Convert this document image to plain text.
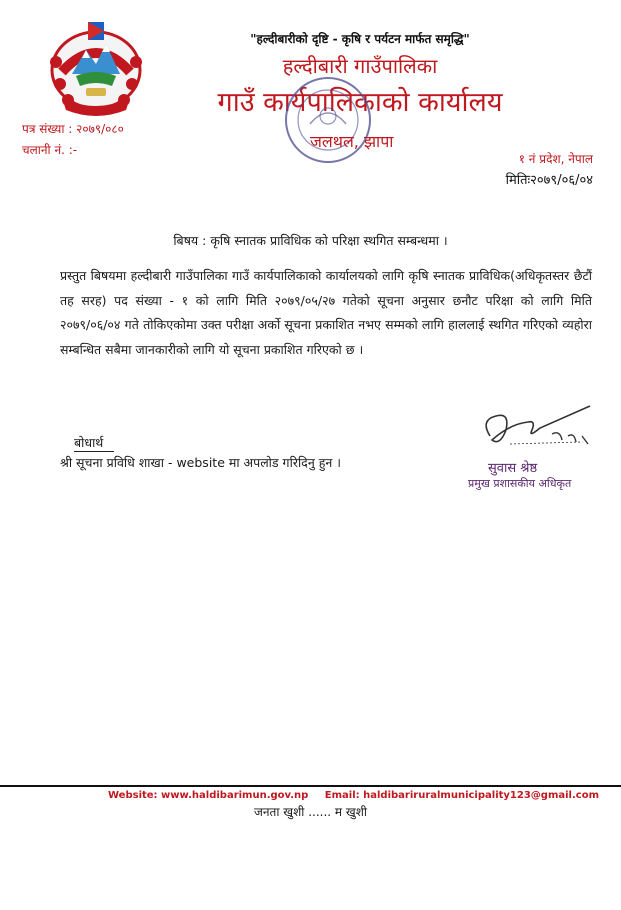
"हल्दीबारीको दृष्टि - कृषि र पर्यटन मार्फत समृद्धि"
हल्दीबारी गाउँपालिका
गाउँ कार्यपालिकाको कार्यालय
जलथल, झापा
पत्र संख्या : २०७९/०८०
चलानी नं. :-
१ नं प्रदेश, नेपाल
मितिः२०७९/०६/०४
बिषय : कृषि स्नातक प्राविधिक को परिक्षा स्थगित सम्बन्धमा ।
प्रस्तुत बिषयमा हल्दीबारी गाउँपालिका गाउँ कार्यपालिकाको कार्यालयको लागि कृषि स्नातक प्राविधिक(अधिकृतस्तर छैटौं तह सरह) पद संख्या - १ को लागि मिति २०७९/०५/२७ गतेको सूचना अनुसार छनौट परिक्षा को लागि मिति २०७९/०६/०४ गते तोकिएकोमा उक्त परीक्षा अर्को सूचना प्रकाशित नभए सम्मको लागि हाललाई स्थगित गरिएको व्यहोरा सम्बन्धित सबैमा जानकारीको लागि यो सूचना प्रकाशित गरिएको छ ।
बोधार्थ
श्री सूचना प्रविधि शाखा - website मा अपलोड गरिदिनु हुन ।	सुवास श्रेष्ठ
प्रमुख प्रशासकीय अधिकृत
Website: www.haldibarimun.gov.np Email: haldibariruralmunicipality123@gmail.com
जनता खुशी ...... म खुशी
